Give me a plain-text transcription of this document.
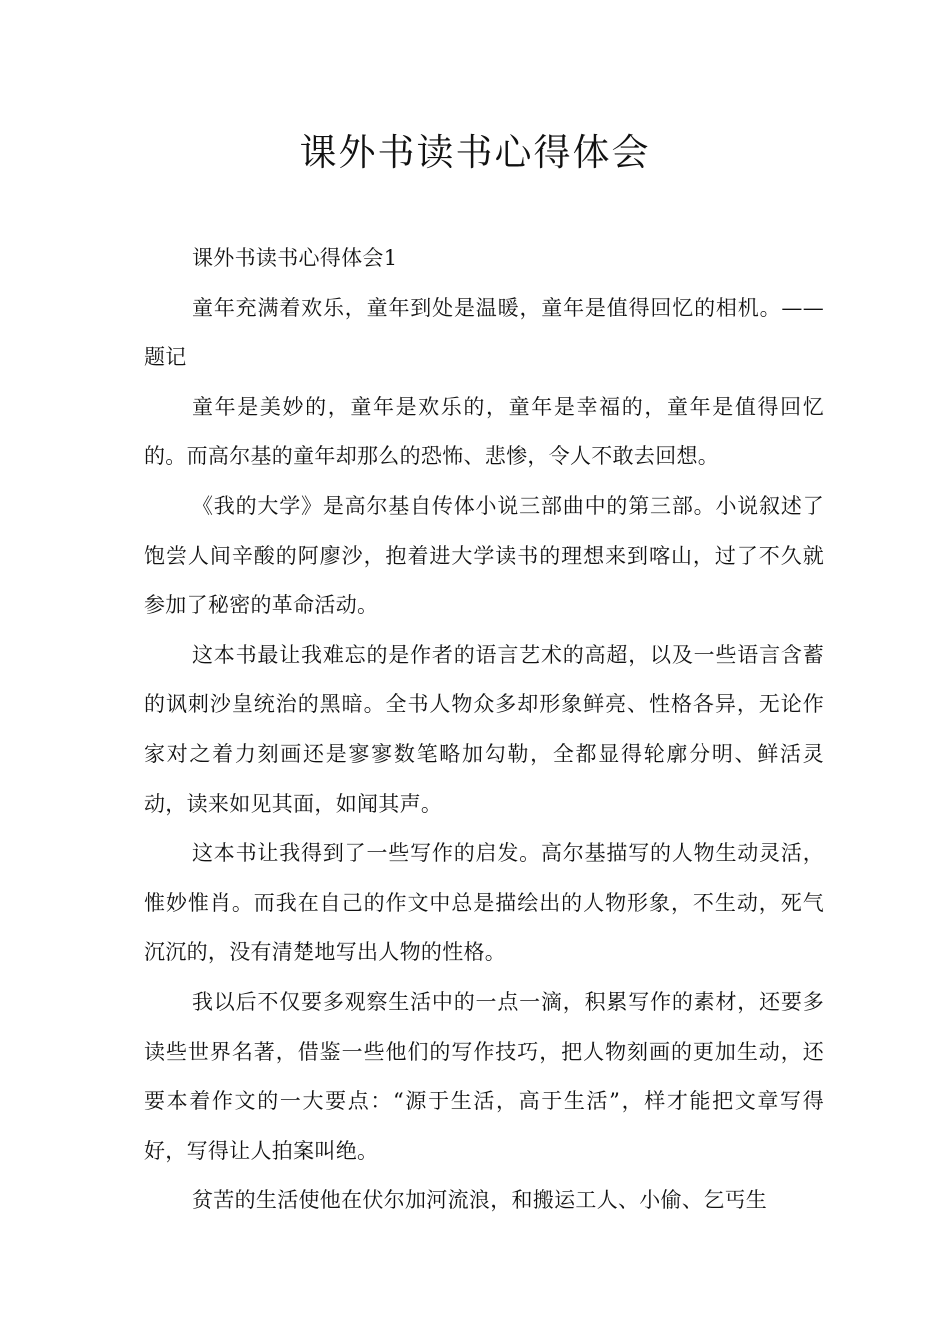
课外书读书心得体会

课外书读书心得体会1

童年充满着欢乐，童年到处是温暖，童年是值得回忆的相机。——题记

童年是美妙的，童年是欢乐的，童年是幸福的，童年是值得回忆的。而高尔基的童年却那么的恐怖、悲惨，令人不敢去回想。

《我的大学》是高尔基自传体小说三部曲中的第三部。小说叙述了饱尝人间辛酸的阿廖沙，抱着进大学读书的理想来到喀山，过了不久就参加了秘密的革命活动。

这本书最让我难忘的是作者的语言艺术的高超，以及一些语言含蓄的讽刺沙皇统治的黑暗。全书人物众多却形象鲜亮、性格各异，无论作家对之着力刻画还是寥寥数笔略加勾勒，全都显得轮廓分明、鲜活灵动，读来如见其面，如闻其声。

这本书让我得到了一些写作的启发。高尔基描写的人物生动灵活，惟妙惟肖。而我在自己的作文中总是描绘出的人物形象，不生动，死气沉沉的，没有清楚地写出人物的性格。

我以后不仅要多观察生活中的一点一滴，积累写作的素材，还要多读些世界名著，借鉴一些他们的写作技巧，把人物刻画的更加生动，还要本着作文的一大要点：“源于生活，高于生活”，样才能把文章写得好，写得让人拍案叫绝。

贫苦的生活使他在伏尔加河流浪，和搬运工人、小偷、乞丐生
